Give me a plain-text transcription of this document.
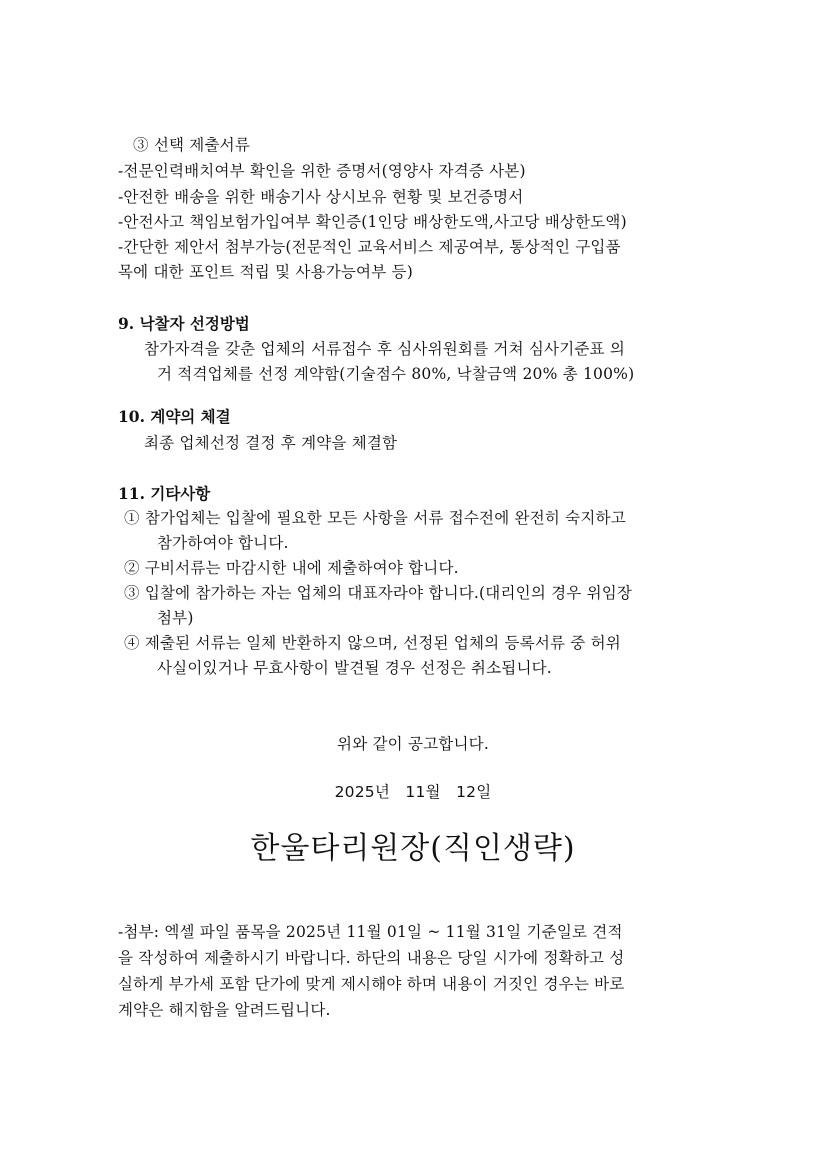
③ 선택 제출서류
-전문인력배치여부 확인을 위한 증명서(영양사 자격증 사본)
-안전한 배송을 위한 배송기사 상시보유 현황 및 보건증명서
-안전사고 책임보험가입여부 확인증(1인당 배상한도액,사고당 배상한도액)
-간단한 제안서 첨부가능(전문적인 교육서비스 제공여부, 통상적인 구입품
목에 대한 포인트 적립 및 사용가능여부 등)
9. 낙찰자 선정방법
참가자격을 갖춘 업체의 서류접수 후 심사위원회를 거쳐 심사기준표 의
거 적격업체를 선정 계약함(기술점수 80%, 낙찰금액 20% 총 100%)
10. 계약의 체결
최종 업체선정 결정 후 계약을 체결함
11. 기타사항
① 참가업체는 입찰에 필요한 모든 사항을 서류 접수전에 완전히 숙지하고
참가하여야 합니다.
② 구비서류는 마감시한 내에 제출하여야 합니다.
③ 입찰에 참가하는 자는 업체의 대표자라야 합니다.(대리인의 경우 위임장
첨부)
④ 제출된 서류는 일체 반환하지 않으며, 선정된 업체의 등록서류 중 허위
사실이있거나 무효사항이 발견될 경우 선정은 취소됩니다.
위와 같이 공고합니다.
2025년   11월   12일
한울타리원장(직인생략)
-첨부: 엑셀 파일 품목을 2025년 11월 01일 ~ 11월 31일 기준일로 견적
을 작성하여 제출하시기 바랍니다. 하단의 내용은 당일 시가에 정확하고 성
실하게 부가세 포함 단가에 맞게 제시해야 하며 내용이 거짓인 경우는 바로
계약은 해지함을 알려드립니다.
